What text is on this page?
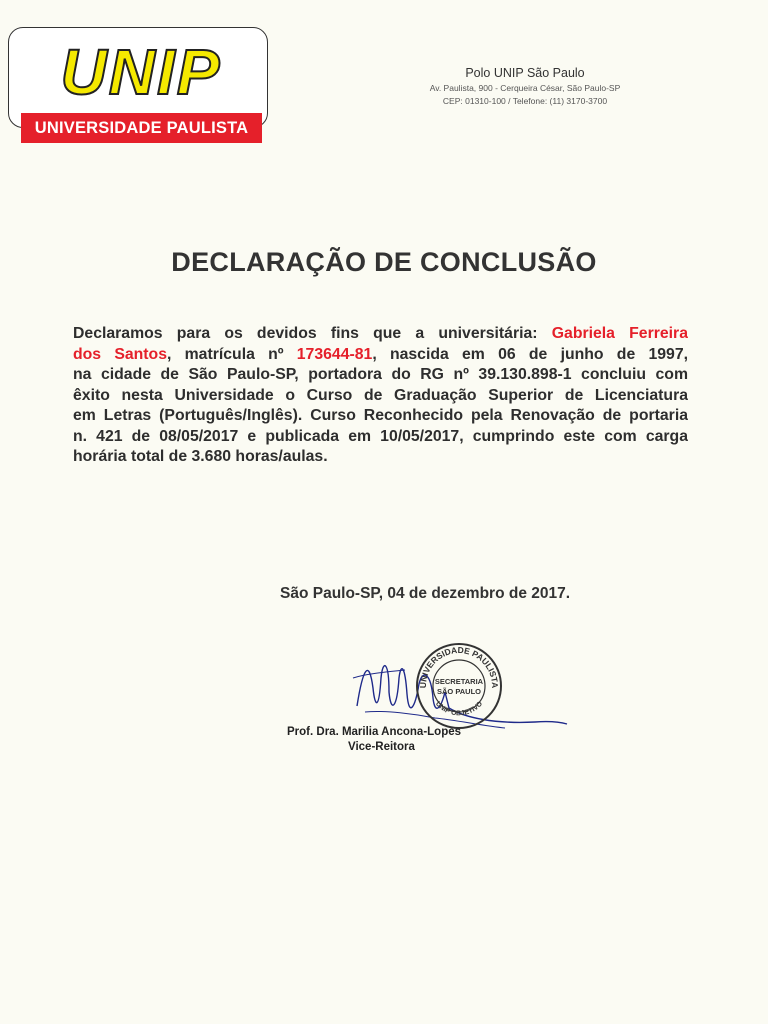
UNIP
UNIVERSIDADE PAULISTA
Polo UNIP São Paulo
Av. Paulista, 900 - Cerqueira César, São Paulo-SP
CEP: 01310-100 / Telefone: (11) 3170-3700
DECLARAÇÃO DE CONCLUSÃO
Declaramos para os devidos fins que a universitária: Gabriela Ferreira
dos Santos, matrícula nº 173644-81, nascida em 06 de junho de 1997,
na cidade de São Paulo-SP, portadora do RG nº 39.130.898-1 concluiu com
êxito nesta Universidade o Curso de Graduação Superior de Licenciatura
em Letras (Português/Inglês). Curso Reconhecido pela Renovação de portaria
n. 421 de 08/05/2017 e publicada em 10/05/2017, cumprindo este com carga
horária total de 3.680 horas/aulas.
São Paulo-SP, 04 de dezembro de 2017.
UNIVERSIDADE PAULISTA
UNIP OBJETIVO
SECRETARIA
SÃO PAULO
Prof. Dra. Marilia Ancona-Lopes
Vice-Reitora
